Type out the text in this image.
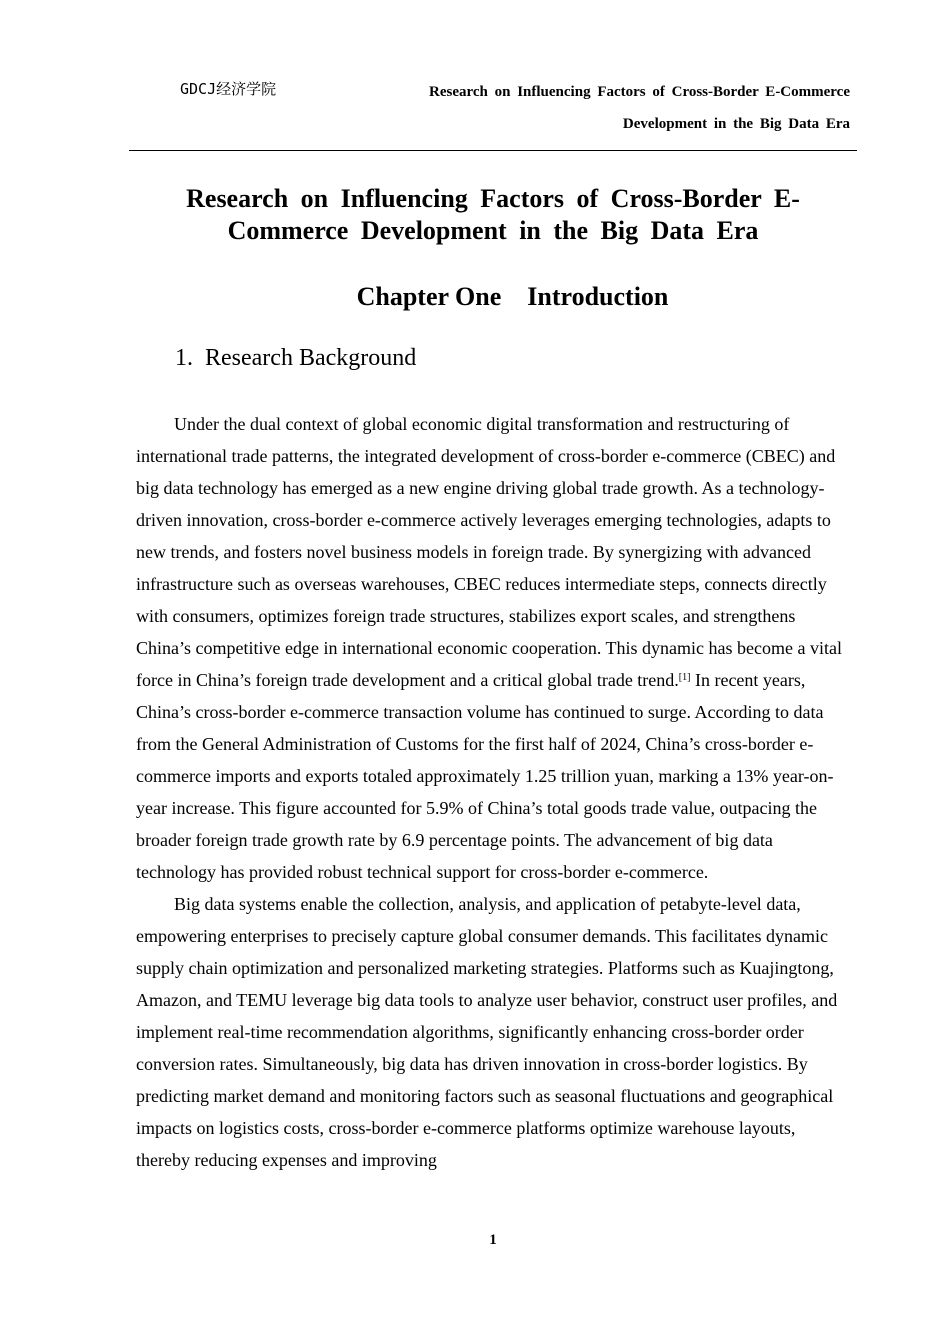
GDCJ经济学院	Research on Influencing Factors of Cross-Border E-Commerce Development in the Big Data Era
Research on Influencing Factors of Cross-Border E-Commerce Development in the Big Data Era
Chapter One    Introduction
1.  Research Background

Under the dual context of global economic digital transformation and restructuring of international trade patterns, the integrated development of cross-border e-commerce (CBEC) and big data technology has emerged as a new engine driving global trade growth. As a technology-driven innovation, cross-border e-commerce actively leverages emerging technologies, adapts to new trends, and fosters novel business models in foreign trade. By synergizing with advanced infrastructure such as overseas warehouses, CBEC reduces intermediate steps, connects directly with consumers, optimizes foreign trade structures, stabilizes export scales, and strengthens China’s competitive edge in international economic cooperation. This dynamic has become a vital force in China’s foreign trade development and a critical global trade trend.[1] In recent years, China’s cross-border e-commerce transaction volume has continued to surge. According to data from the General Administration of Customs for the first half of 2024, China’s cross-border e-commerce imports and exports totaled approximately 1.25 trillion yuan, marking a 13% year-on-year increase. This figure accounted for 5.9% of China’s total goods trade value, outpacing the broader foreign trade growth rate by 6.9 percentage points. The advancement of big data technology has provided robust technical support for cross-border e-commerce.

Big data systems enable the collection, analysis, and application of petabyte-level data, empowering enterprises to precisely capture global consumer demands. This facilitates dynamic supply chain optimization and personalized marketing strategies. Platforms such as Kuajingtong, Amazon, and TEMU leverage big data tools to analyze user behavior, construct user profiles, and implement real-time recommendation algorithms, significantly enhancing cross-border order conversion rates. Simultaneously, big data has driven innovation in cross-border logistics. By predicting market demand and monitoring factors such as seasonal fluctuations and geographical impacts on logistics costs, cross-border e-commerce platforms optimize warehouse layouts, thereby reducing expenses and improving

1
